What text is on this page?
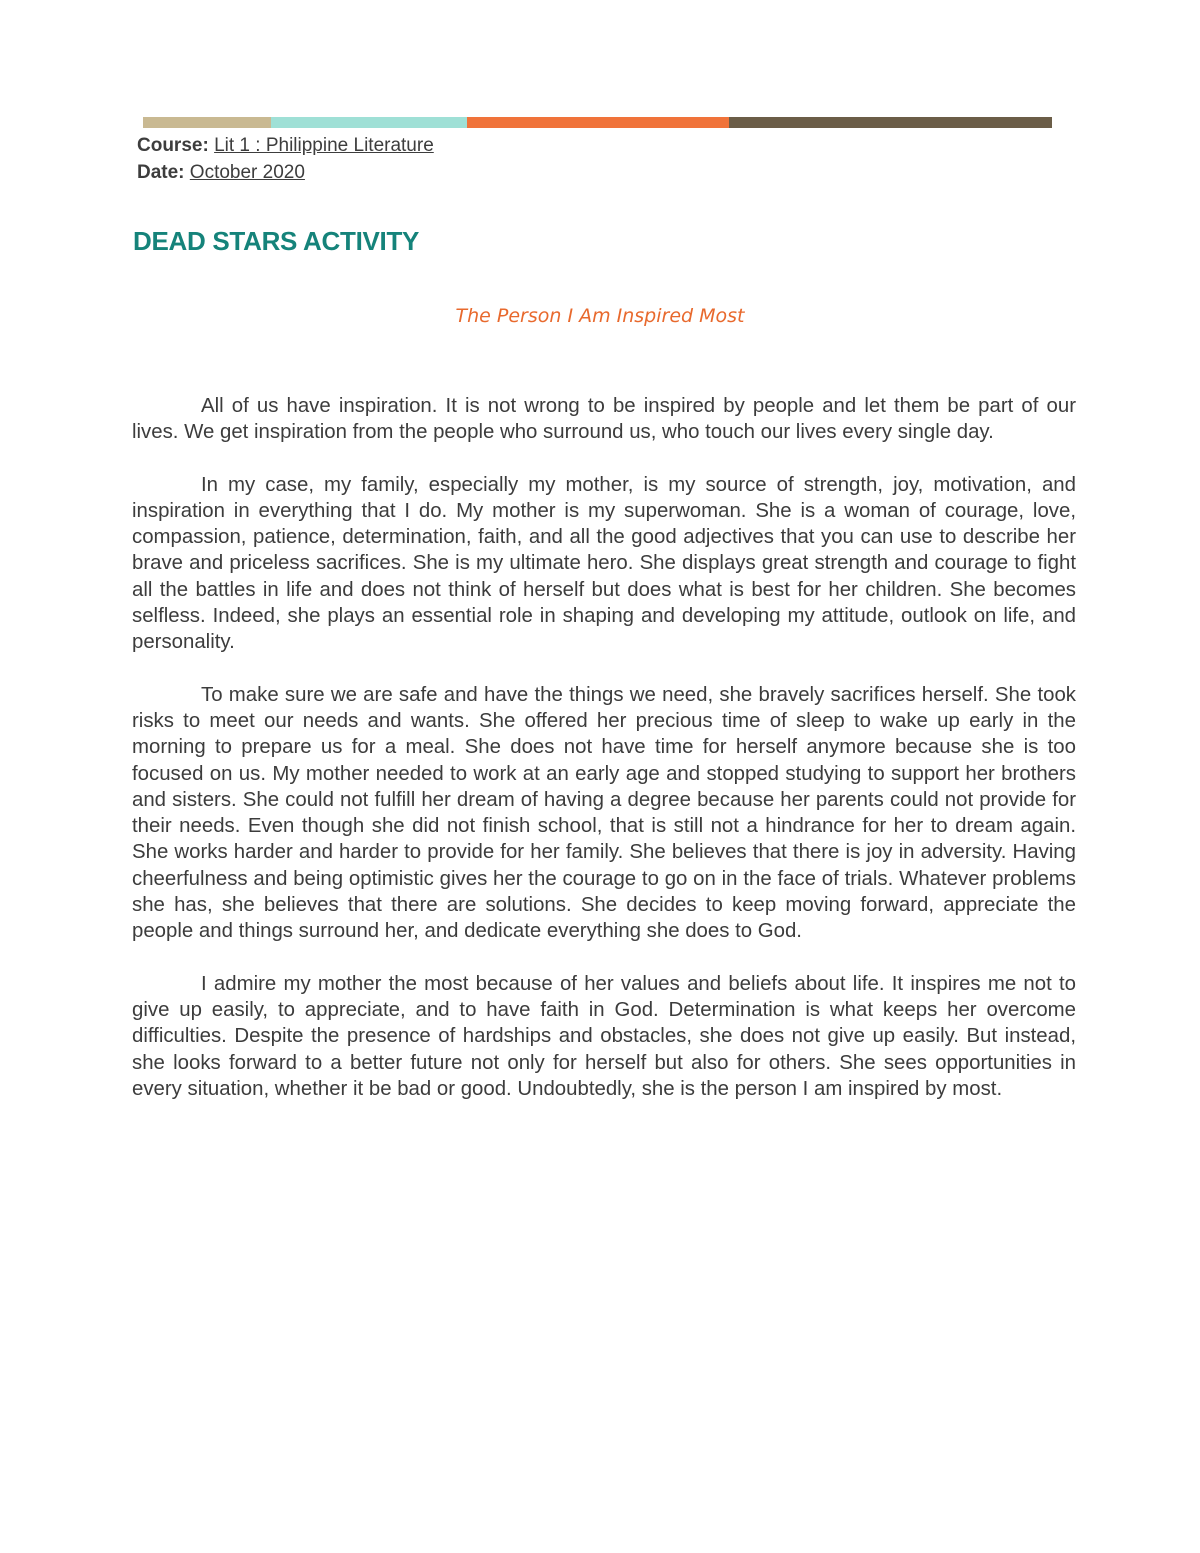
Course: Lit 1 : Philippine Literature
Date: October 2020
DEAD STARS ACTIVITY
The Person I Am Inspired Most

All of us have inspiration. It is not wrong to be inspired by people and let them be part of our lives. We get inspiration from the people who surround us, who touch our lives every single day.

In my case, my family, especially my mother, is my source of strength, joy, motivation, and inspiration in everything that I do. My mother is my superwoman. She is a woman of courage, love, compassion, patience, determination, faith, and all the good adjectives that you can use to describe her brave and priceless sacrifices. She is my ultimate hero. She displays great strength and courage to fight all the battles in life and does not think of herself but does what is best for her children. She becomes selfless. Indeed, she plays an essential role in shaping and developing my attitude, outlook on life, and personality.

To make sure we are safe and have the things we need, she bravely sacrifices herself. She took risks to meet our needs and wants. She offered her precious time of sleep to wake up early in the morning to prepare us for a meal. She does not have time for herself anymore because she is too focused on us. My mother needed to work at an early age and stopped studying to support her brothers and sisters. She could not fulfill her dream of having a degree because her parents could not provide for their needs. Even though she did not finish school, that is still not a hindrance for her to dream again. She works harder and harder to provide for her family. She believes that there is joy in adversity. Having cheerfulness and being optimistic gives her the courage to go on in the face of trials. Whatever problems she has, she believes that there are solutions. She decides to keep moving forward, appreciate the people and things surround her, and dedicate everything she does to God.

I admire my mother the most because of her values and beliefs about life. It inspires me not to give up easily, to appreciate, and to have faith in God. Determination is what keeps her overcome difficulties. Despite the presence of hardships and obstacles, she does not give up easily. But instead, she looks forward to a better future not only for herself but also for others. She sees opportunities in every situation, whether it be bad or good. Undoubtedly, she is the person I am inspired by most.
